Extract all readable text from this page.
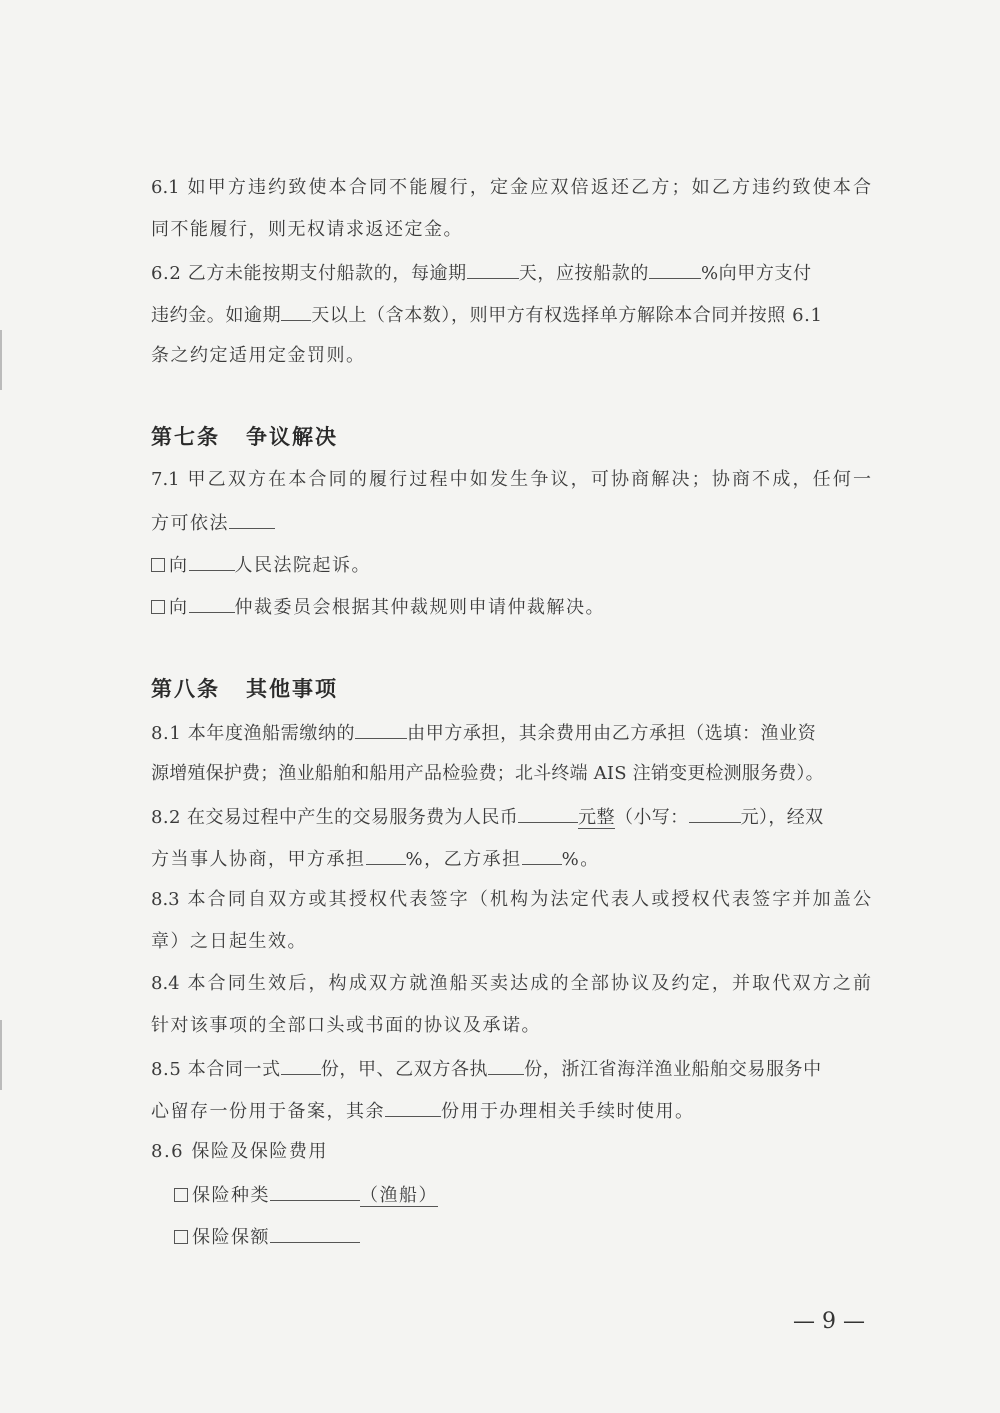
6.1 如甲方违约致使本合同不能履行，定金应双倍返还乙方；如乙方违约致使本合
同不能履行，则无权请求返还定金。
6.2 乙方未能按期支付船款的，每逾期	天，应按船款的	%向甲方支付
违约金。如逾期 天以上（含本数），则甲方有权选择单方解除本合同并按照 6.1
条之约定适用定金罚则。
第七条 争议解决
7.1 甲乙双方在本合同的履行过程中如发生争议，可协商解决；协商不成，任何一
方可依法
向	人民法院起诉。
向	仲裁委员会根据其仲裁规则申请仲裁解决。
第八条 其他事项
8.1 本年度渔船需缴纳的	由甲方承担，其余费用由乙方承担（选填：渔业资
源增殖保护费；渔业船舶和船用产品检验费；北斗终端 AIS 注销变更检测服务费）。
8.2 在交易过程中产生的交易服务费为人民币	元整（小写：	元），经双
方当事人协商，甲方承担 %，乙方承担 %。
8.3 本合同自双方或其授权代表签字（机构为法定代表人或授权代表签字并加盖公
章）之日起生效。
8.4 本合同生效后，构成双方就渔船买卖达成的全部协议及约定，并取代双方之前
针对该事项的全部口头或书面的协议及承诺。
8.5 本合同一式 份，甲、乙双方各执 份，浙江省海洋渔业船舶交易服务中
心留存一份用于备案，其余	份用于办理相关手续时使用。
8.6 保险及保险费用
保险种类	（渔船）
保险保额
— 9 —
